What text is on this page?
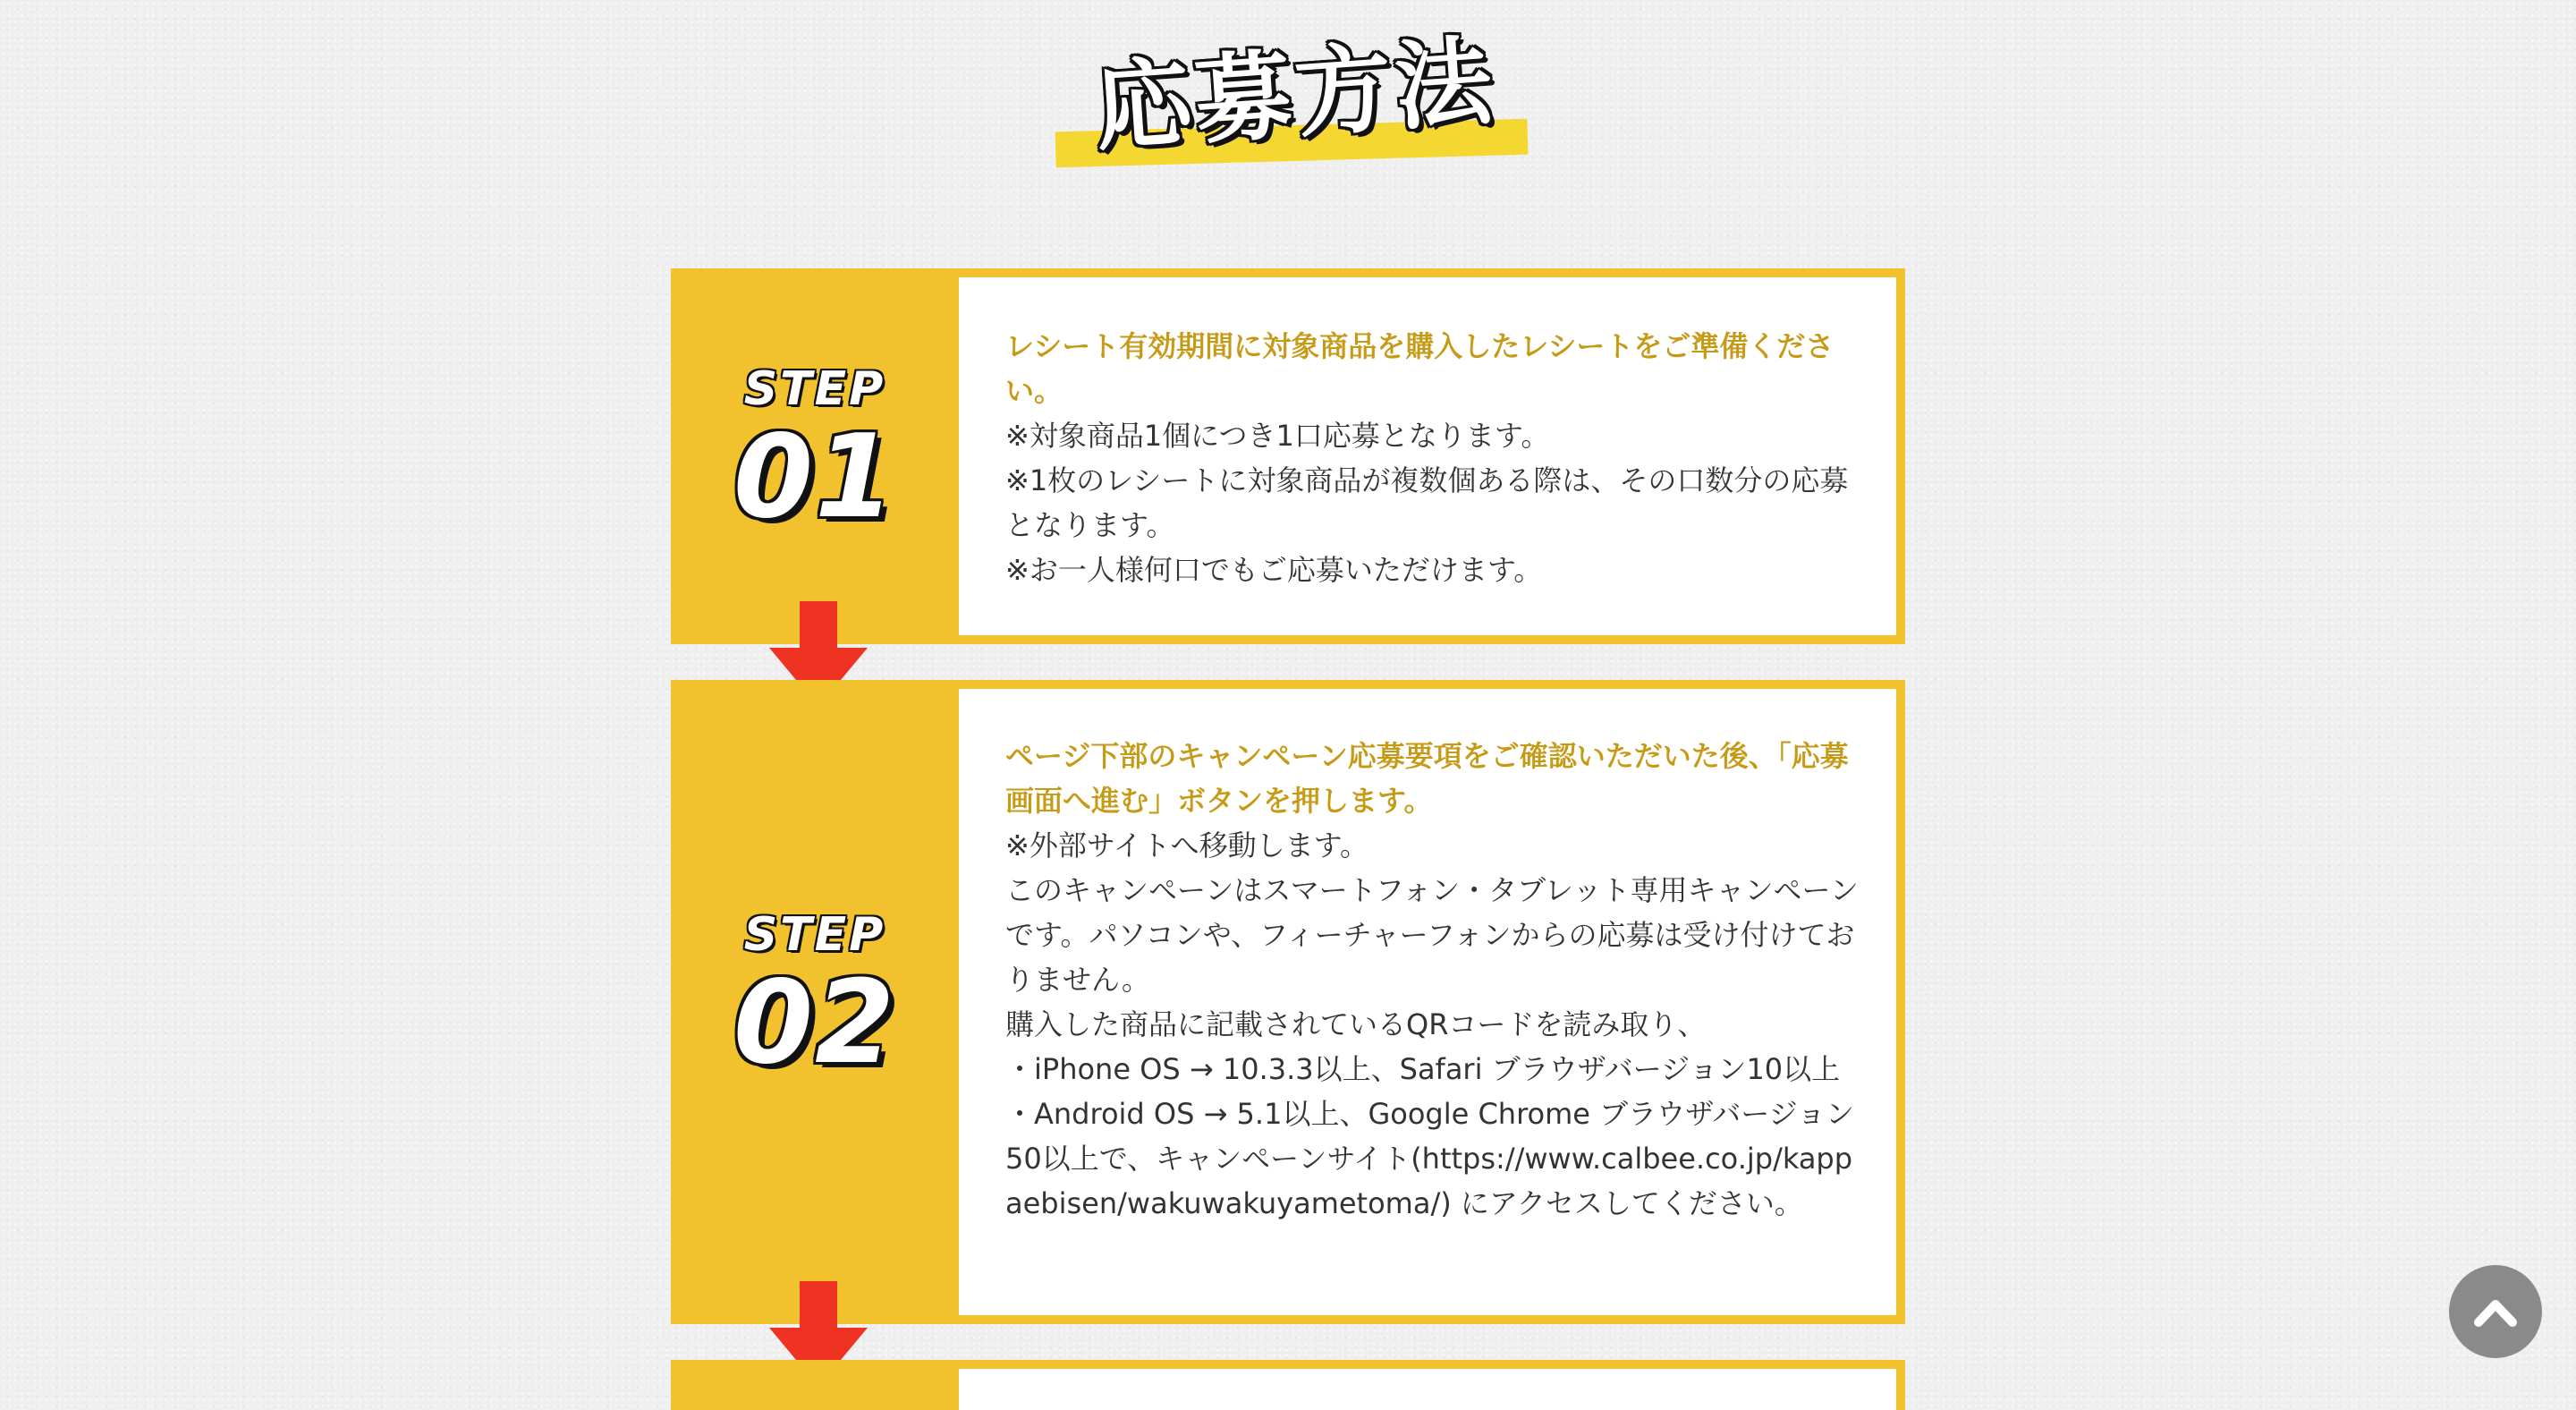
応募方法
STEP
01

レシート有効期間に対象商品を購入したレシートをご準備ください。

※対象商品1個につき1口応募となります。

※1枚のレシートに対象商品が複数個ある際は、その口数分の応募となります。

※お一人様何口でもご応募いただけます。

STEP
02

ページ下部のキャンペーン応募要項をご確認いただいた後、「応募画面へ進む」ボタンを押します。

※外部サイトへ移動します。

このキャンペーンはスマートフォン・タブレット専用キャンペーンです。パソコンや、フィーチャーフォンからの応募は受け付けておりません。

購入した商品に記載されているQRコードを読み取り、

・iPhone OS → 10.3.3以上、Safari ブラウザバージョン10以上

・Android OS → 5.1以上、Google Chrome ブラウザバージョン50以上で、キャンペーンサイト(https://www.calbee.co.jp/kappaebisen/wakuwakuyametoma/) にアクセスしてください。
